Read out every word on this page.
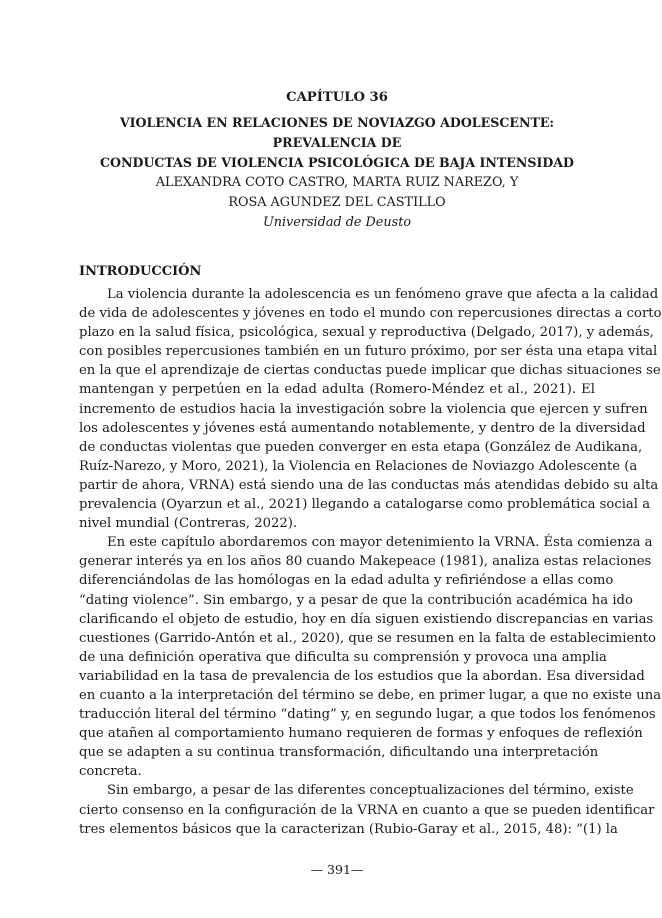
CAPÍTULO 36
VIOLENCIA EN RELACIONES DE NOVIAZGO ADOLESCENTE: PREVALENCIA DE
CONDUCTAS DE VIOLENCIA PSICOLÓGICA DE BAJA INTENSIDAD
ALEXANDRA COTO CASTRO, MARTA RUIZ NAREZO, Y
ROSA AGUNDEZ DEL CASTILLO
Universidad de Deusto
INTRODUCCIÓN
La violencia durante la adolescencia es un fenómeno grave que afecta a la calidad
de vida de adolescentes y jóvenes en todo el mundo con repercusiones directas a corto
plazo en la salud física, psicológica, sexual y reproductiva (Delgado, 2017), y además,
con posibles repercusiones también en un futuro próximo, por ser ésta una etapa vital
en la que el aprendizaje de ciertas conductas puede implicar que dichas situaciones se
mantengan y perpetúen en la edad adulta (Romero-Méndez et al., 2021). El
incremento de estudios hacia la investigación sobre la violencia que ejercen y sufren
los adolescentes y jóvenes está aumentando notablemente, y dentro de la diversidad
de conductas violentas que pueden converger en esta etapa (González de Audikana,
Ruíz-Narezo, y Moro, 2021), la Violencia en Relaciones de Noviazgo Adolescente (a
partir de ahora, VRNA) está siendo una de las conductas más atendidas debido su alta
prevalencia (Oyarzun et al., 2021) llegando a catalogarse como problemática social a
nivel mundial (Contreras, 2022).
En este capítulo abordaremos con mayor detenimiento la VRNA. Ésta comienza a
generar interés ya en los años 80 cuando Makepeace (1981), analiza estas relaciones
diferenciándolas de las homólogas en la edad adulta y refiriéndose a ellas como
“dating violence”. Sin embargo, y a pesar de que la contribución académica ha ido
clarificando el objeto de estudio, hoy en día siguen existiendo discrepancias en varias
cuestiones (Garrido-Antón et al., 2020), que se resumen en la falta de establecimiento
de una definición operativa que dificulta su comprensión y provoca una amplia
variabilidad en la tasa de prevalencia de los estudios que la abordan. Esa diversidad
en cuanto a la interpretación del término se debe, en primer lugar, a que no existe una
traducción literal del término “dating” y, en segundo lugar, a que todos los fenómenos
que atañen al comportamiento humano requieren de formas y enfoques de reflexión
que se adapten a su continua transformación, dificultando una interpretación
concreta.
Sin embargo, a pesar de las diferentes conceptualizaciones del término, existe
cierto consenso en la configuración de la VRNA en cuanto a que se pueden identificar
tres elementos básicos que la caracterizan (Rubio-Garay et al., 2015, 48): “(1) la
— 391—
